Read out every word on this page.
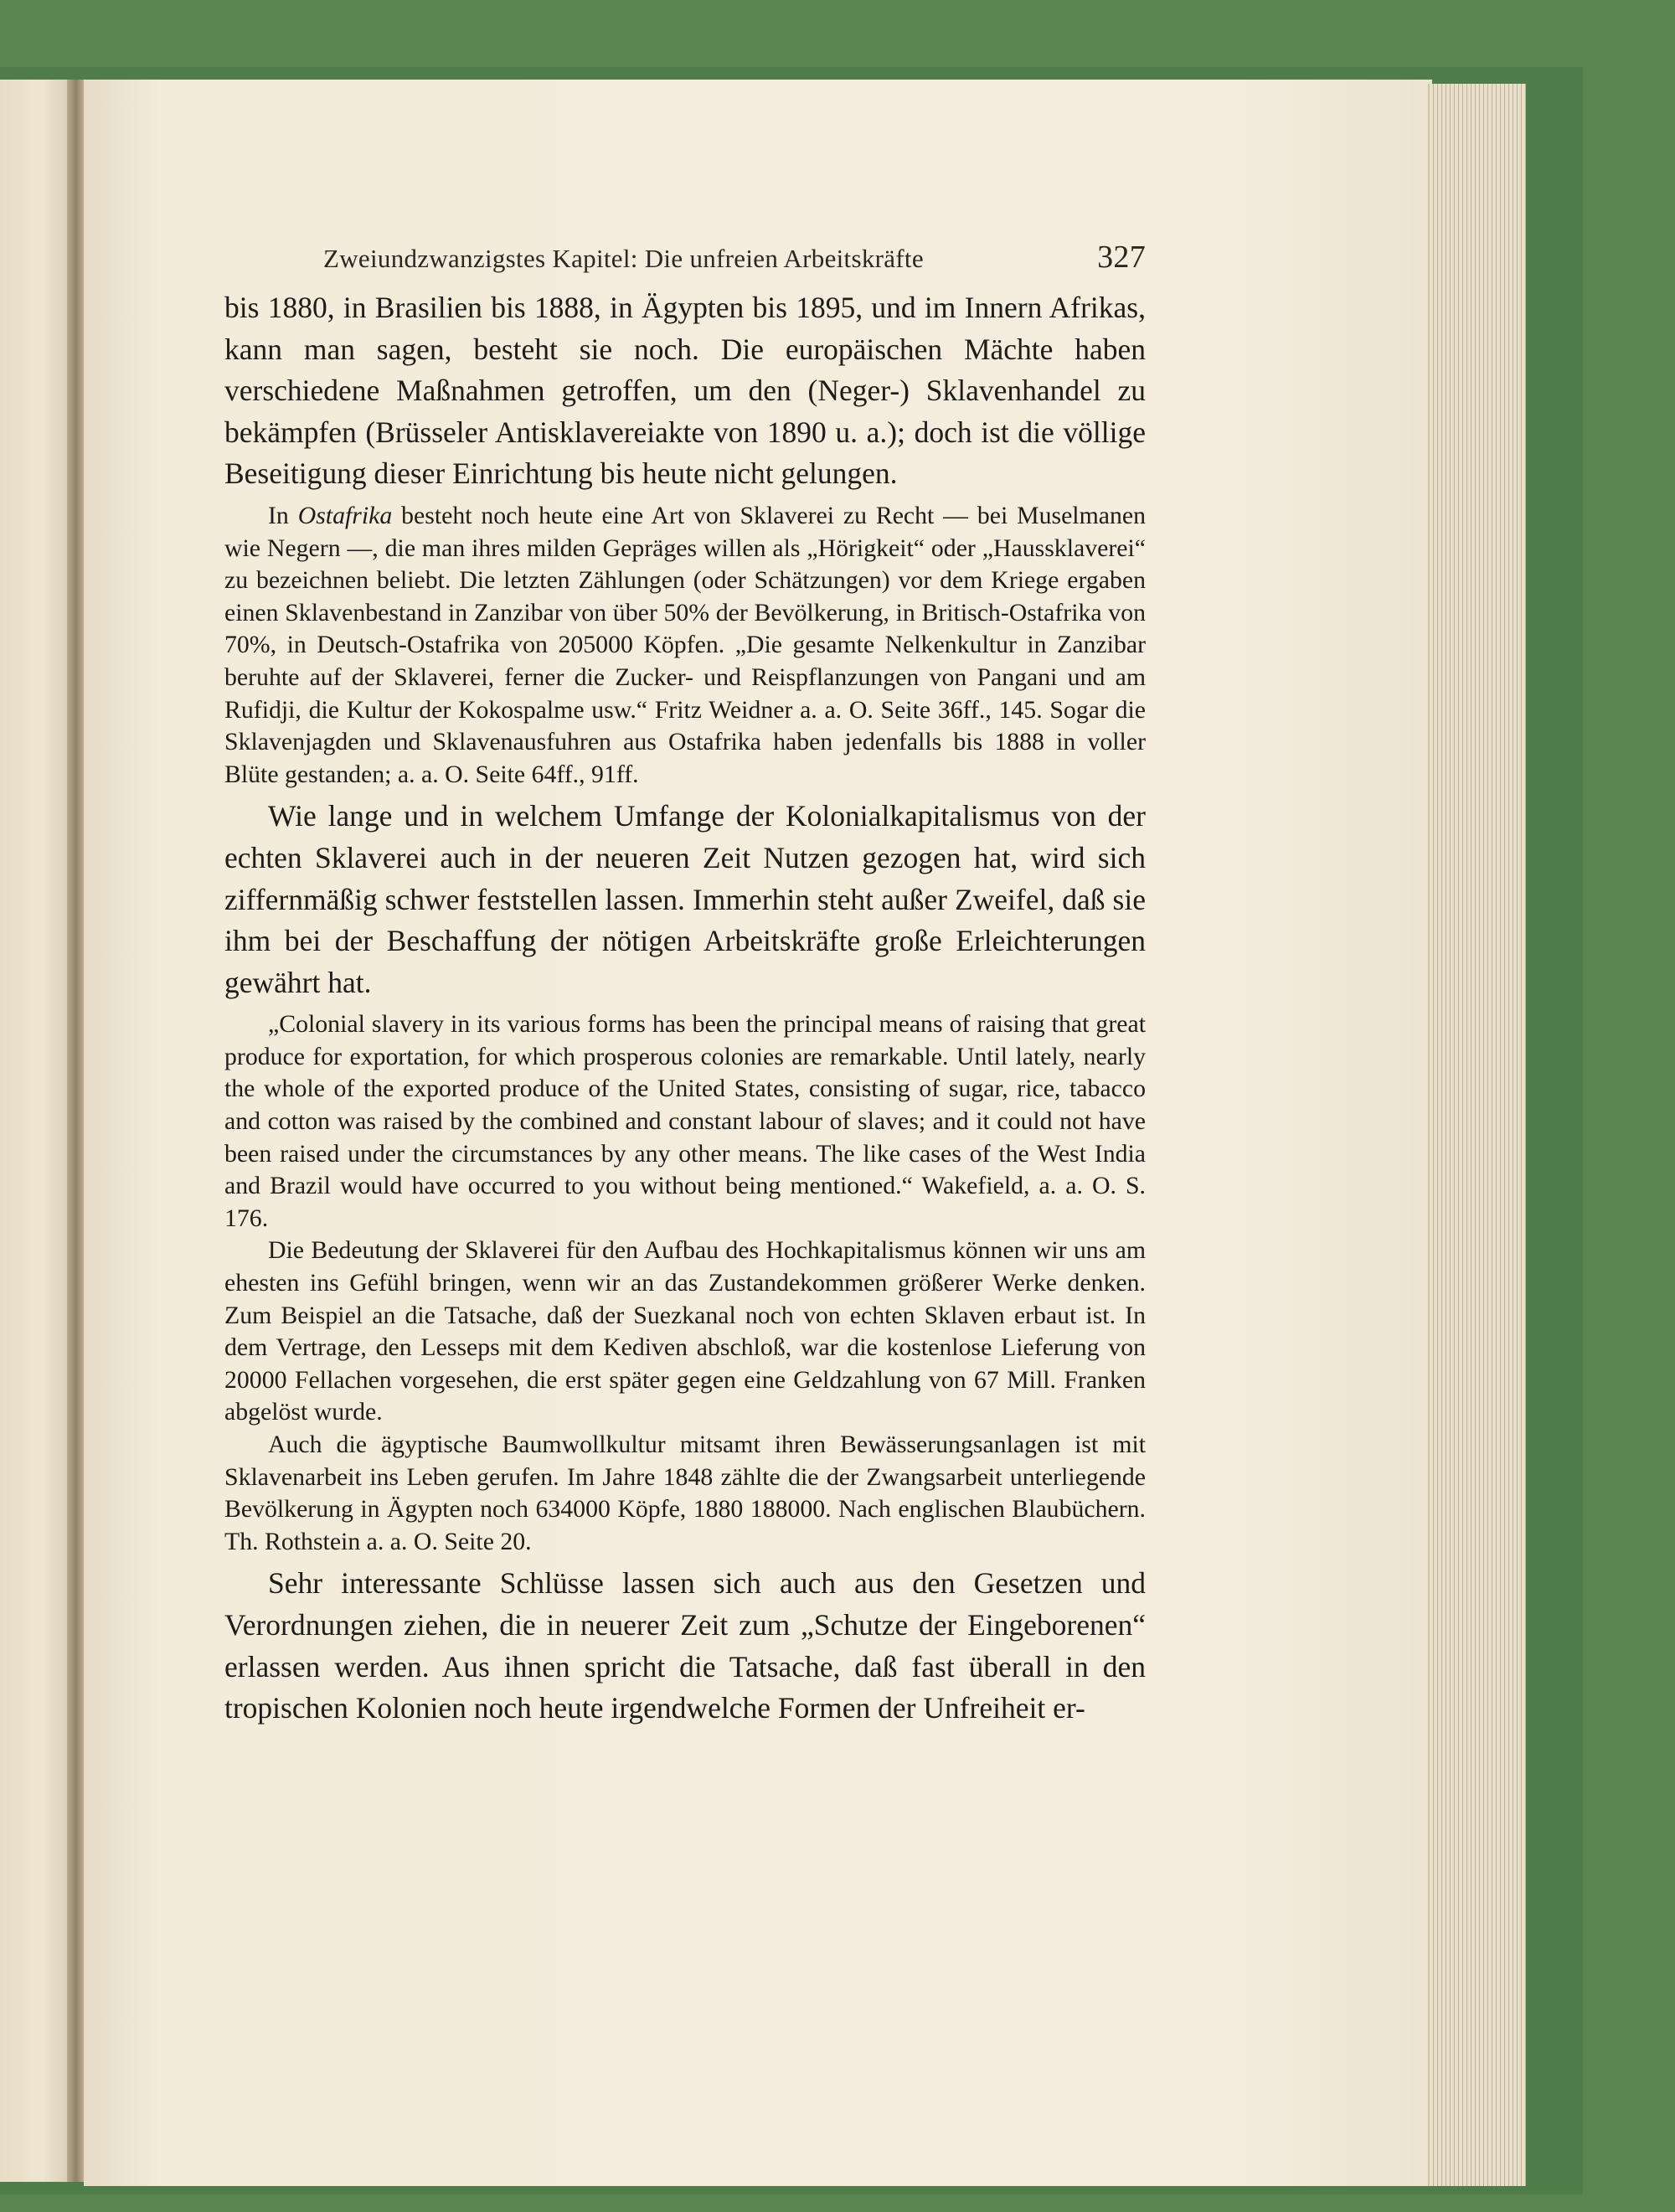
Zweiundzwanzigstes Kapitel: Die unfreien Arbeitskräfte	327

bis 1880, in Brasilien bis 1888, in Ägypten bis 1895, und im Innern Afrikas, kann man sagen, besteht sie noch. Die europäischen Mächte haben verschiedene Maßnahmen getroffen, um den (Neger-) Sklavenhandel zu bekämpfen (Brüsseler Antisklavereiakte von 1890 u. a.); doch ist die völlige Beseitigung dieser Einrichtung bis heute nicht gelungen.

In Ostafrika besteht noch heute eine Art von Sklaverei zu Recht — bei Muselmanen wie Negern —, die man ihres milden Gepräges willen als „Hörigkeit“ oder „Haussklaverei“ zu bezeichnen beliebt. Die letzten Zählungen (oder Schätzungen) vor dem Kriege ergaben einen Sklavenbestand in Zanzibar von über 50% der Bevölkerung, in Britisch-Ostafrika von 70%, in Deutsch-Ostafrika von 205000 Köpfen. „Die gesamte Nelkenkultur in Zanzibar beruhte auf der Sklaverei, ferner die Zucker- und Reispflanzungen von Pangani und am Rufidji, die Kultur der Kokospalme usw.“ Fritz Weidner a. a. O. Seite 36ff., 145. Sogar die Sklavenjagden und Sklavenausfuhren aus Ostafrika haben jedenfalls bis 1888 in voller Blüte gestanden; a. a. O. Seite 64ff., 91ff.

Wie lange und in welchem Umfange der Kolonialkapitalismus von der echten Sklaverei auch in der neueren Zeit Nutzen gezogen hat, wird sich ziffernmäßig schwer feststellen lassen. Immerhin steht außer Zweifel, daß sie ihm bei der Beschaffung der nötigen Arbeitskräfte große Erleichterungen gewährt hat.

„Colonial slavery in its various forms has been the principal means of raising that great produce for exportation, for which prosperous colonies are remarkable. Until lately, nearly the whole of the exported produce of the United States, consisting of sugar, rice, tabacco and cotton was raised by the combined and constant labour of slaves; and it could not have been raised under the circumstances by any other means. The like cases of the West India and Brazil would have occurred to you without being mentioned.“ Wakefield, a. a. O. S. 176.

Die Bedeutung der Sklaverei für den Aufbau des Hochkapitalismus können wir uns am ehesten ins Gefühl bringen, wenn wir an das Zustandekommen größerer Werke denken. Zum Beispiel an die Tatsache, daß der Suezkanal noch von echten Sklaven erbaut ist. In dem Vertrage, den Lesseps mit dem Kediven abschloß, war die kostenlose Lieferung von 20000 Fellachen vorgesehen, die erst später gegen eine Geldzahlung von 67 Mill. Franken abgelöst wurde.

Auch die ägyptische Baumwollkultur mitsamt ihren Bewässerungsanlagen ist mit Sklavenarbeit ins Leben gerufen. Im Jahre 1848 zählte die der Zwangsarbeit unterliegende Bevölkerung in Ägypten noch 634000 Köpfe, 1880 188000. Nach englischen Blaubüchern. Th. Rothstein a. a. O. Seite 20.

Sehr interessante Schlüsse lassen sich auch aus den Gesetzen und Verordnungen ziehen, die in neuerer Zeit zum „Schutze der Eingeborenen“ erlassen werden. Aus ihnen spricht die Tatsache, daß fast überall in den tropischen Kolonien noch heute irgendwelche Formen der Unfreiheit er-
